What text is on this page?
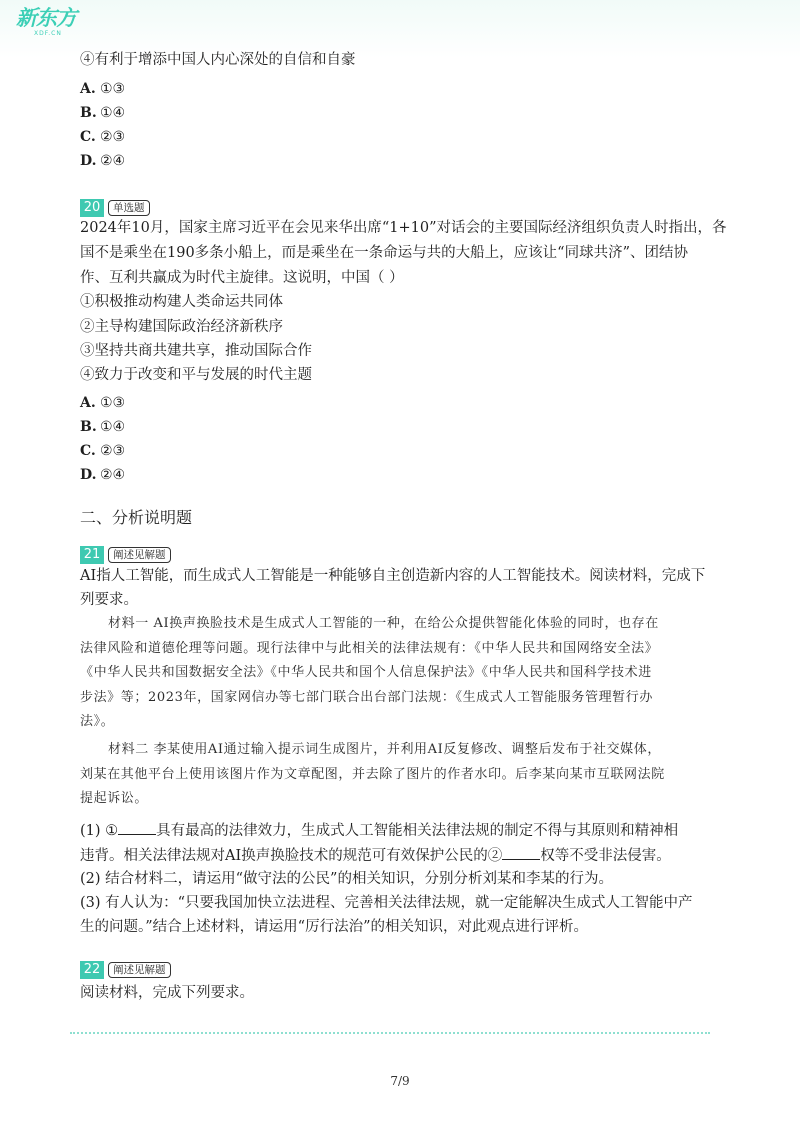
新东方
XDF.CN
④有利于增添中国人内心深处的自信和自豪
A. ①③
B. ①④
C. ②③
D. ②④
20	单选题
2024年10月，国家主席习近平在会见来华出席“1+10”对话会的主要国际经济组织负责人时指出，各
国不是乘坐在190多条小船上，而是乘坐在一条命运与共的大船上，应该让“同球共济”、团结协
作、互利共赢成为时代主旋律。这说明，中国（ ）
①积极推动构建人类命运共同体
②主导构建国际政治经济新秩序
③坚持共商共建共享，推动国际合作
④致力于改变和平与发展的时代主题
A. ①③
B. ①④
C. ②③
D. ②④
二、分析说明题
21	阐述见解题
AI指人工智能，而生成式人工智能是一种能够自主创造新内容的人工智能技术。阅读材料，完成下
列要求。
材料一 AI换声换脸技术是生成式人工智能的一种，在给公众提供智能化体验的同时，也存在
法律风险和道德伦理等问题。现行法律中与此相关的法律法规有：《中华人民共和国网络安全法》
《中华人民共和国数据安全法》《中华人民共和国个人信息保护法》《中华人民共和国科学技术进
步法》等；2023年，国家网信办等七部门联合出台部门法规：《生成式人工智能服务管理暂行办
法》。
材料二 李某使用AI通过输入提示词生成图片，并利用AI反复修改、调整后发布于社交媒体，
刘某在其他平台上使用该图片作为文章配图，并去除了图片的作者水印。后李某向某市互联网法院
提起诉讼。
(1) ①	具有最高的法律效力，生成式人工智能相关法律法规的制定不得与其原则和精神相
违背。相关法律法规对AI换声换脸技术的规范可有效保护公民的②	权等不受非法侵害。
(2) 结合材料二，请运用“做守法的公民”的相关知识，分别分析刘某和李某的行为。
(3) 有人认为：“只要我国加快立法进程、完善相关法律法规，就一定能解决生成式人工智能中产
生的问题。”结合上述材料，请运用“厉行法治”的相关知识，对此观点进行评析。
22	阐述见解题
阅读材料，完成下列要求。
7/9
